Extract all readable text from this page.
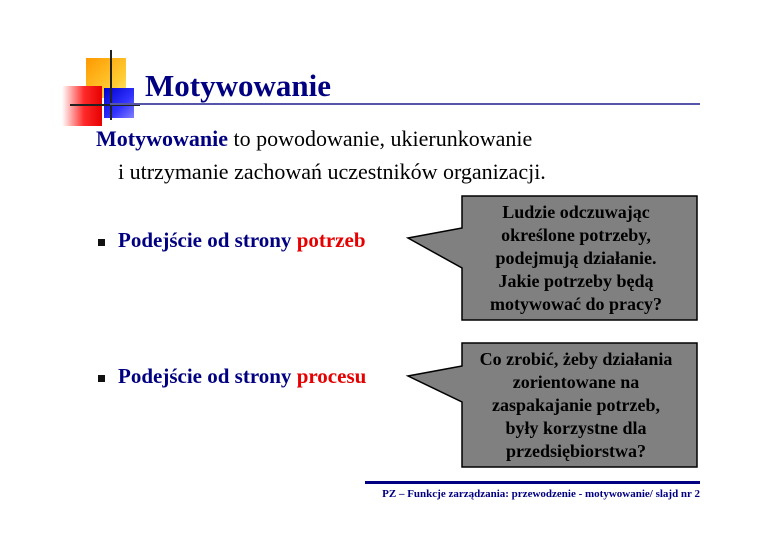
Motywowanie
Motywowanie to powodowanie, ukierunkowanie
i utrzymanie zachowań uczestników organizacji.
Podejście od strony potrzeb
Podejście od strony procesu
Ludzie odczuwając
określone potrzeby,
podejmują działanie.
Jakie potrzeby będą
motywować do pracy?
Co zrobić, żeby działania
zorientowane na
zaspakajanie potrzeb,
były korzystne dla
przedsiębiorstwa?
PZ – Funkcje zarządzania: przewodzenie - motywowanie/ slajd nr 2
